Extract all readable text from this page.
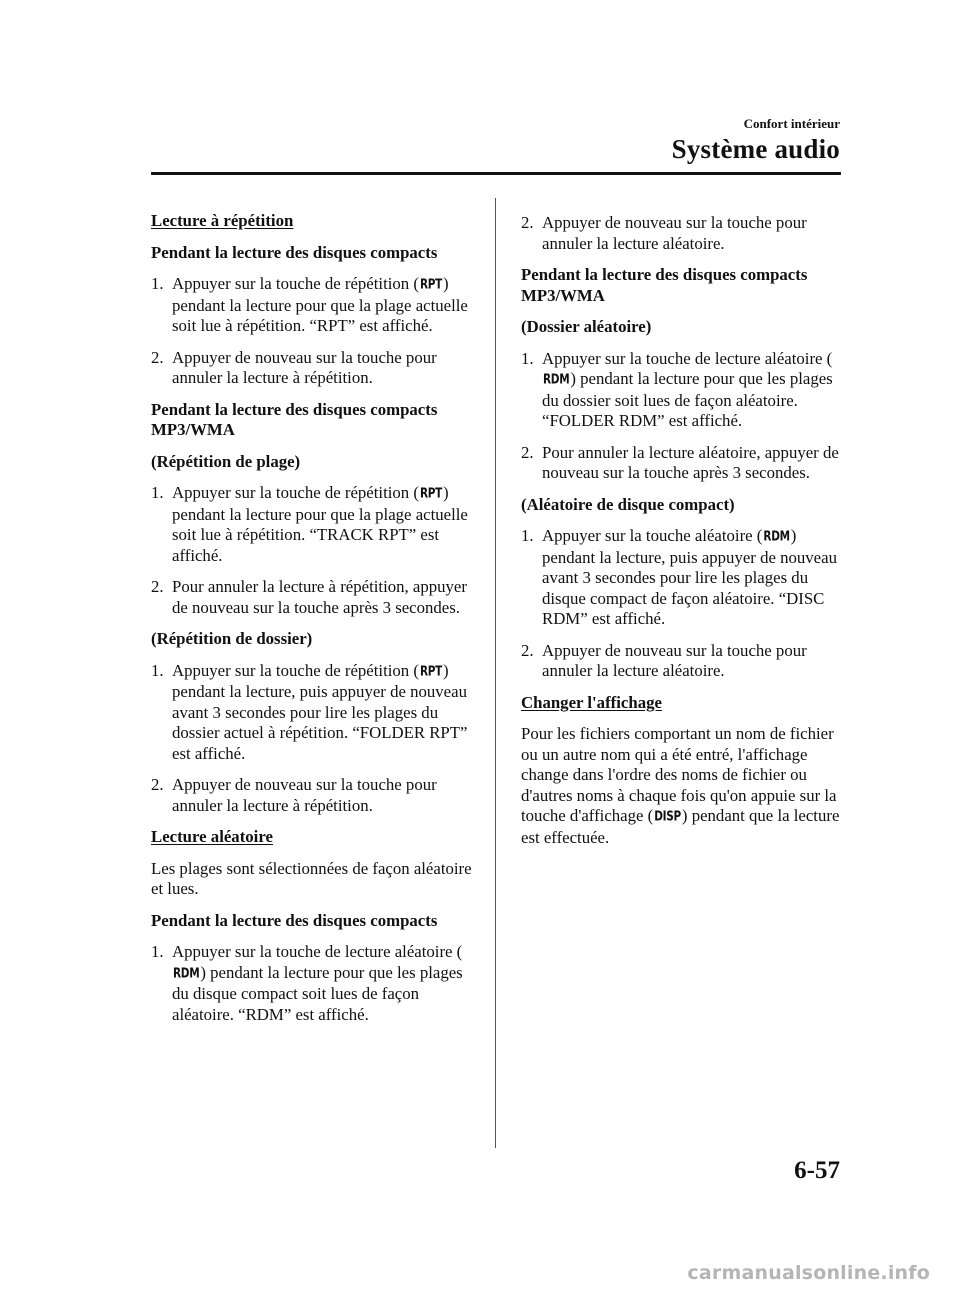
Confort intérieur
Système audio
Lecture à répétition
Pendant la lecture des disques compacts
1. Appuyer sur la touche de répétition (RPT) pendant la lecture pour que la plage actuelle soit lue à répétition. “RPT” est affiché.
2. Appuyer de nouveau sur la touche pour annuler la lecture à répétition.
Pendant la lecture des disques compacts MP3/WMA
(Répétition de plage)
1. Appuyer sur la touche de répétition (RPT) pendant la lecture pour que la plage actuelle soit lue à répétition. “TRACK RPT” est affiché.
2. Pour annuler la lecture à répétition, appuyer de nouveau sur la touche après 3 secondes.
(Répétition de dossier)
1. Appuyer sur la touche de répétition (RPT) pendant la lecture, puis appuyer de nouveau avant 3 secondes pour lire les plages du dossier actuel à répétition. “FOLDER RPT” est affiché.
2. Appuyer de nouveau sur la touche pour annuler la lecture à répétition.
Lecture aléatoire
Les plages sont sélectionnées de façon aléatoire et lues.
Pendant la lecture des disques compacts
1. Appuyer sur la touche de lecture aléatoire (RDM) pendant la lecture pour que les plages du disque compact soit lues de façon aléatoire. “RDM” est affiché.
2. Appuyer de nouveau sur la touche pour annuler la lecture aléatoire.
Pendant la lecture des disques compacts MP3/WMA
(Dossier aléatoire)
1. Appuyer sur la touche de lecture aléatoire (RDM) pendant la lecture pour que les plages du dossier soit lues de façon aléatoire. “FOLDER RDM” est affiché.
2. Pour annuler la lecture aléatoire, appuyer de nouveau sur la touche après 3 secondes.
(Aléatoire de disque compact)
1. Appuyer sur la touche aléatoire (RDM) pendant la lecture, puis appuyer de nouveau avant 3 secondes pour lire les plages du disque compact de façon aléatoire. “DISC RDM” est affiché.
2. Appuyer de nouveau sur la touche pour annuler la lecture aléatoire.
Changer l'affichage
Pour les fichiers comportant un nom de fichier ou un autre nom qui a été entré, l'affichage change dans l'ordre des noms de fichier ou d'autres noms à chaque fois qu'on appuie sur la touche d'affichage (DISP) pendant que la lecture est effectuée.
6-57
carmanualsonline.info
